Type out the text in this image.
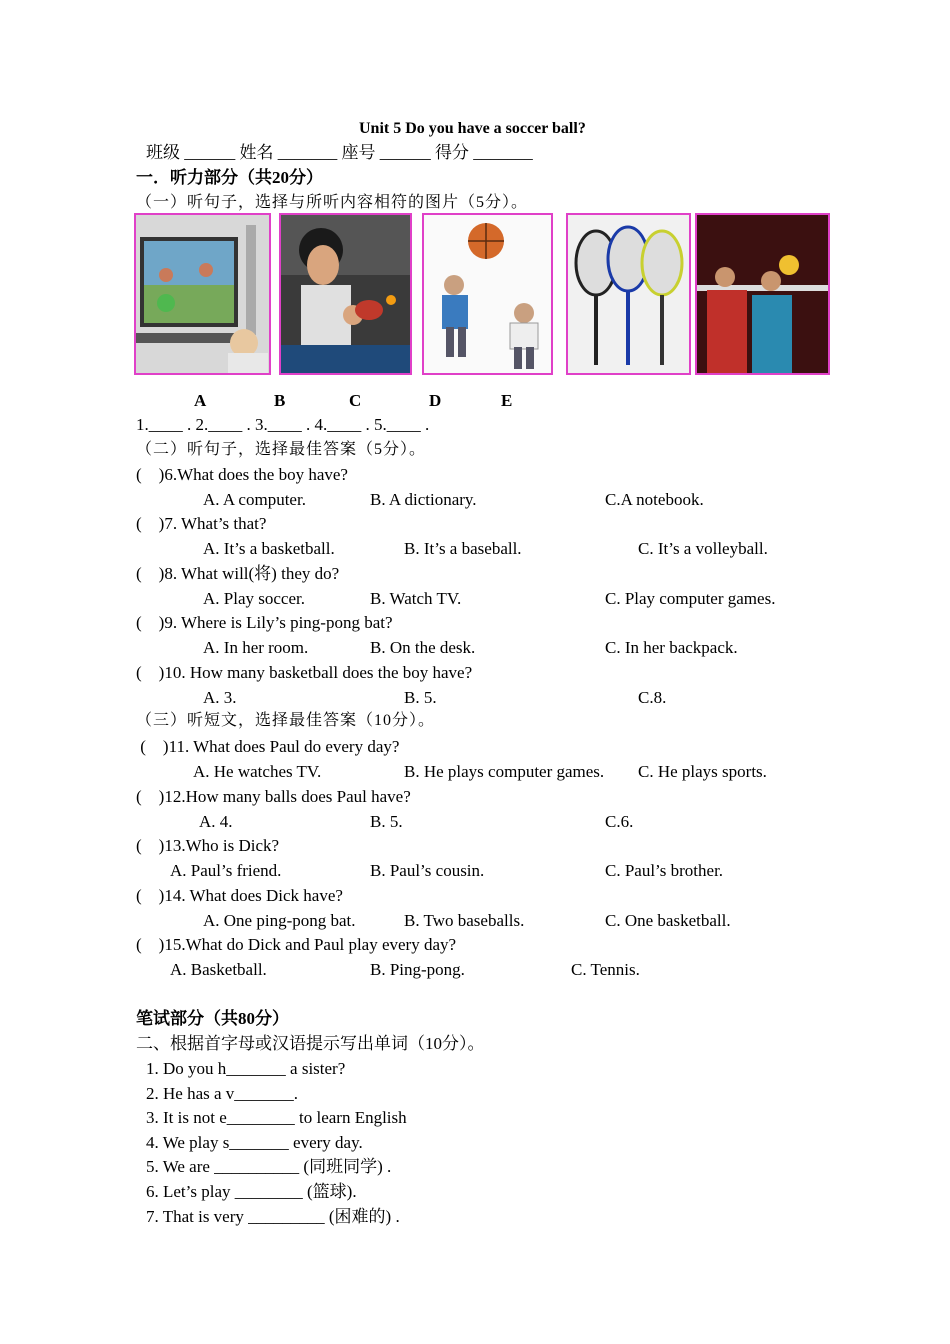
Unit 5 Do you have a soccer ball?
班级 ______ 姓名 _______ 座号 ______ 得分 _______
一．听力部分（共20分）
（一）听句子，选择与所听内容相符的图片（5分）。
A	B	C	D	E
1.____ . 2.____ . 3.____ . 4.____ . 5.____ .
（二）听句子，选择最佳答案（5分）。
(    )6.What does the boy have?
A. A computer.	B. A dictionary.	C.A notebook.
(    )7. What’s that?
A. It’s a basketball.	B. It’s a baseball.	C. It’s a volleyball.
(    )8. What will(将) they do?
A. Play soccer.	B. Watch TV.	C. Play computer games.
(    )9. Where is Lily’s ping-pong bat?
A. In her room.	B. On the desk.	C. In her backpack.
(    )10. How many basketball does the boy have?
A. 3.	B. 5.	C.8.
（三）听短文，选择最佳答案（10分）。
(    )11. What does Paul do every day?
A. He watches TV.	B. He plays computer games. C. He plays sports.
(    )12.How many balls does Paul have?
A. 4.	B. 5.	C.6.
(    )13.Who is Dick?
A. Paul’s friend.	B. Paul’s cousin.	C. Paul’s brother.
(    )14. What does Dick have?
A. One ping-pong bat.	B. Two baseballs.	C. One basketball.
(    )15.What do Dick and Paul play every day?
A. Basketball.	B. Ping-pong.	C. Tennis.
笔试部分（共80分）
二、根据首字母或汉语提示写出单词（10分）。
1. Do you h_______ a sister?
2. He has a v_______.
3. It is not e________ to learn English
4. We play s_______ every day.
5. We are __________ (同班同学) .
6. Let’s play ________ (篮球).
7. That is very _________ (困难的) .
